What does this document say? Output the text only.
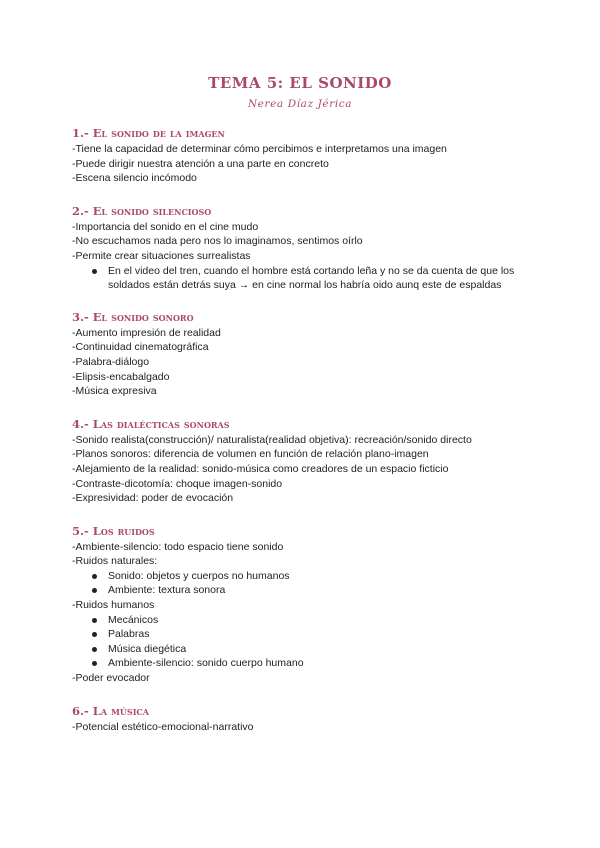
TEMA 5: EL SONIDO

Nerea Díaz Jérica

1.- El sonido de la imagen

-Tiene la capacidad de determinar cómo percibimos e interpretamos una imagen

-Puede dirigir nuestra atención a una parte en concreto

-Escena silencio incómodo

2.- El sonido silencioso

-Importancia del sonido en el cine mudo

-No escuchamos nada pero nos lo imaginamos, sentimos oírlo

-Permite crear situaciones surrealistas

En el video del tren, cuando el hombre está cortando leña y no se da cuenta de que los soldados están detrás suya → en cine normal los habría oido aunq este de espaldas
3.- El sonido sonoro

-Aumento impresión de realidad

-Continuidad cinematográfica

-Palabra-diálogo

-Elipsis-encabalgado

-Música expresiva

4.- Las dialécticas sonoras

-Sonido realista(construcción)/ naturalista(realidad objetiva): recreación/sonido directo

-Planos sonoros: diferencia de volumen en función de relación plano-imagen

-Alejamiento de la realidad: sonido-música como creadores de un espacio ficticio

-Contraste-dicotomía: choque imagen-sonido

-Expresividad: poder de evocación

5.- Los ruidos

-Ambiente-silencio: todo espacio tiene sonido

-Ruidos naturales:

Sonido: objetos y cuerpos no humanos
Ambiente: textura sonora

-Ruidos humanos

Mecánicos
Palabras
Música diegética
Ambiente-silencio: sonido cuerpo humano

-Poder evocador

6.- La música

-Potencial estético-emocional-narrativo
